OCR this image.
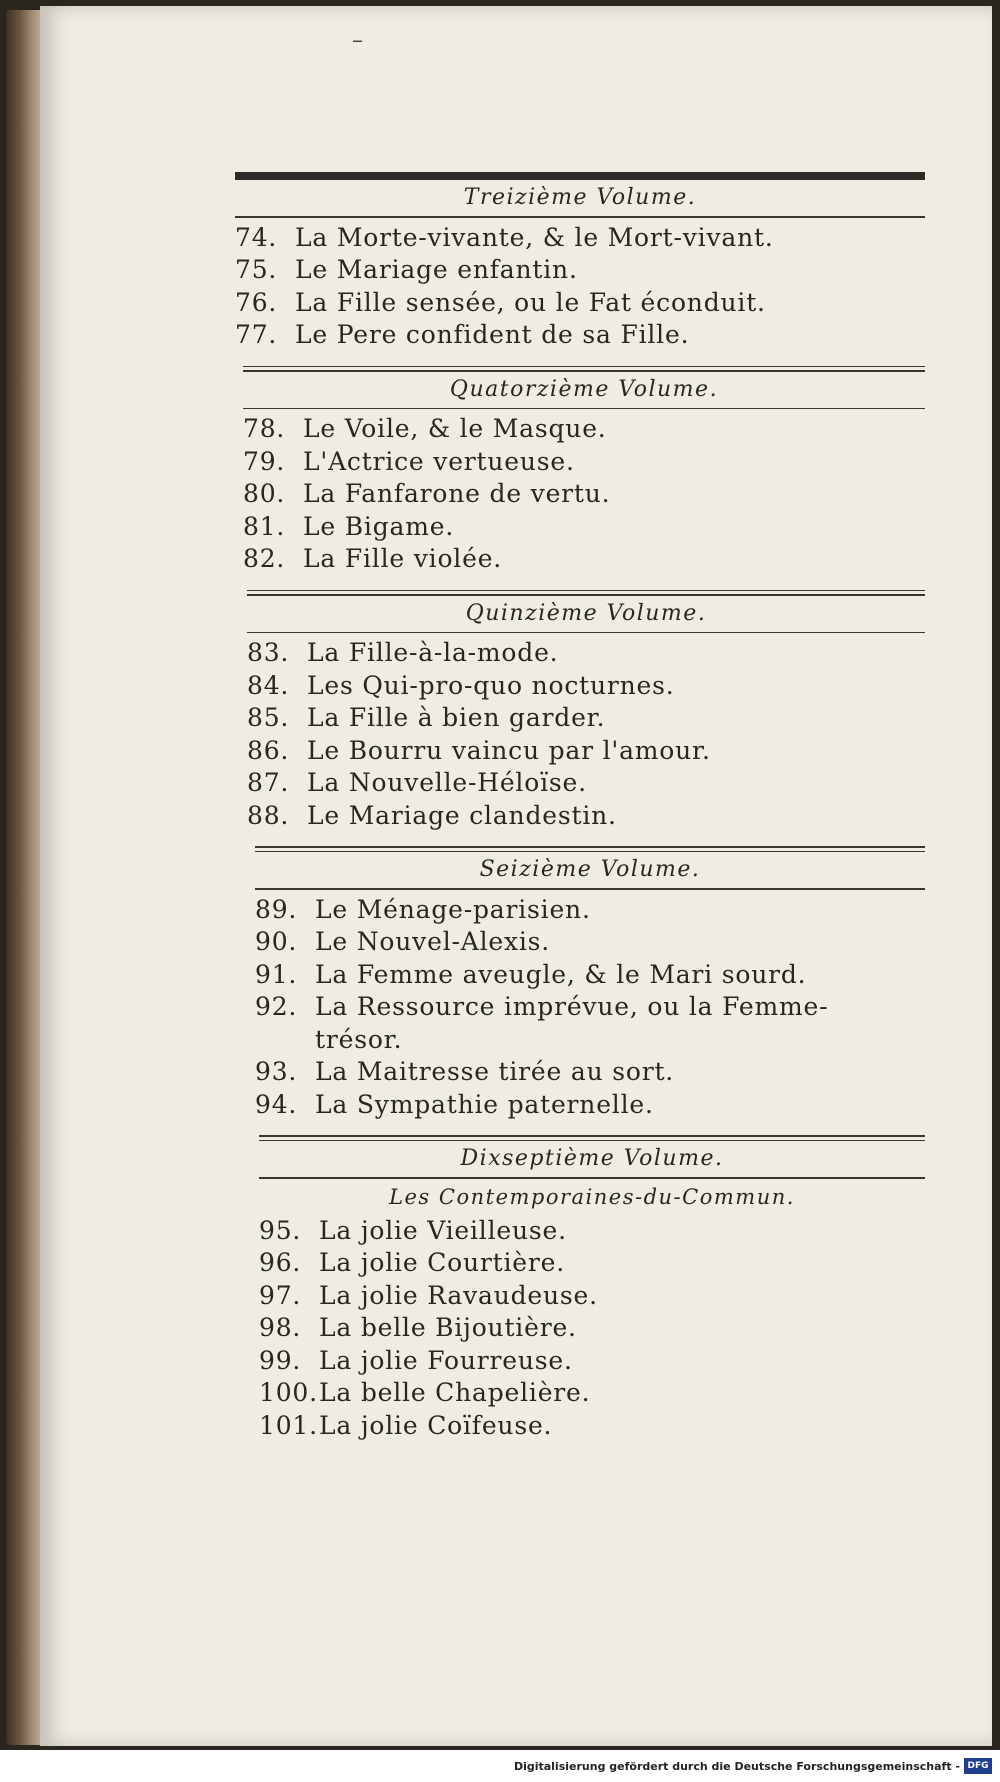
–
Treizième Volume.
74. La Morte-vivante, & le Mort-vivant.
75. Le Mariage enfantin.
76. La Fille sensée, ou le Fat éconduit.
77. Le Pere confident de sa Fille.
Quatorzième Volume.
78. Le Voile, & le Masque.
79. L'Actrice vertueuse.
80. La Fanfarone de vertu.
81. Le Bigame.
82. La Fille violée.
Quinzième Volume.
83. La Fille-à-la-mode.
84. Les Qui-pro-quo nocturnes.
85. La Fille à bien garder.
86. Le Bourru vaincu par l'amour.
87. La Nouvelle-Héloïse.
88. Le Mariage clandestin.
Seizième Volume.
89. Le Ménage-parisien.
90. Le Nouvel-Alexis.
91. La Femme aveugle, & le Mari sourd.
92. La Ressource imprévue, ou la Femme-trésor.
93. La Maitresse tirée au sort.
94. La Sympathie paternelle.
Dixseptième Volume.
Les Contemporaines-du-Commun.
95. La jolie Vieilleuse.
96. La jolie Courtière.
97. La jolie Ravaudeuse.
98. La belle Bijoutière.
99. La jolie Fourreuse.
100. La belle Chapelière.
101. La jolie Coïfeuse.
Digitalisierung gefördert durch die Deutsche Forschungsgemeinschaft - DFG
